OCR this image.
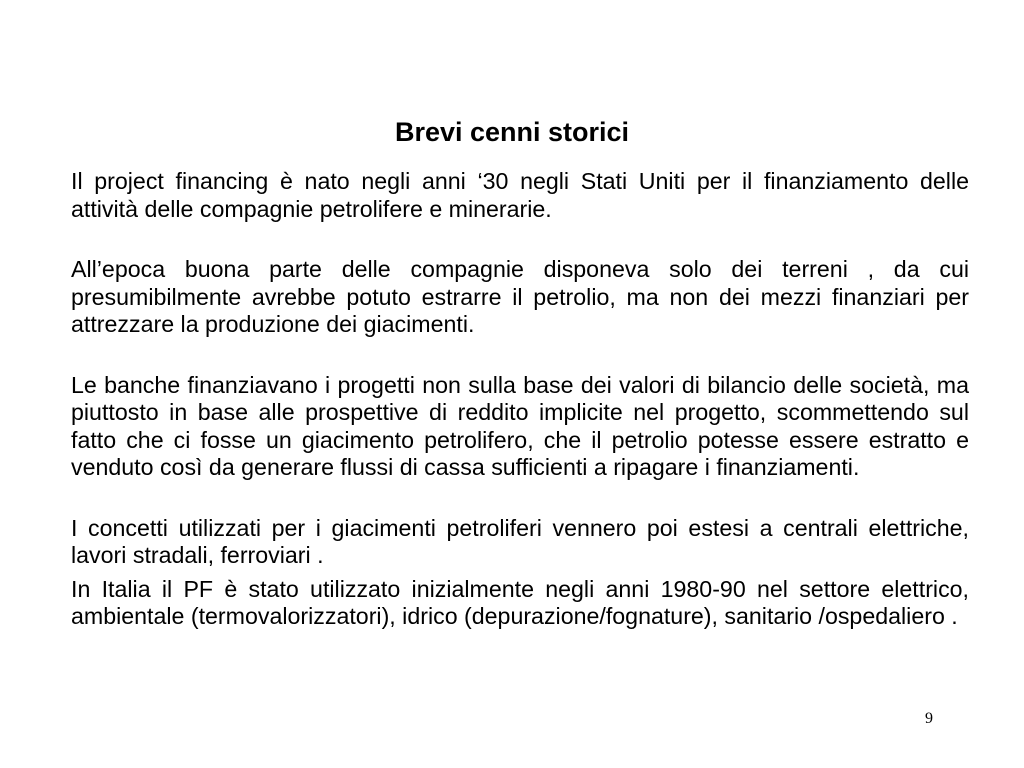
Brevi cenni storici

Il project financing è nato negli anni ‘30 negli Stati Uniti per il finanziamento delle attività delle compagnie petrolifere e minerarie.

All’epoca buona parte delle compagnie disponeva solo dei terreni , da cui presumibilmente avrebbe potuto estrarre il petrolio, ma non dei mezzi finanziari per attrezzare la produzione dei giacimenti.

Le banche finanziavano i progetti non sulla base dei valori di bilancio delle società, ma piuttosto in base alle prospettive di reddito implicite nel progetto, scommettendo sul fatto che ci fosse un giacimento petrolifero, che il petrolio potesse essere estratto e venduto così da generare flussi di cassa sufficienti a ripagare i finanziamenti.

I concetti utilizzati per i giacimenti petroliferi vennero poi estesi a centrali elettriche, lavori stradali, ferroviari .

In Italia il PF è stato utilizzato inizialmente negli anni 1980-90 nel settore elettrico, ambientale (termovalorizzatori), idrico (depurazione/fognature), sanitario /ospedaliero .

9
